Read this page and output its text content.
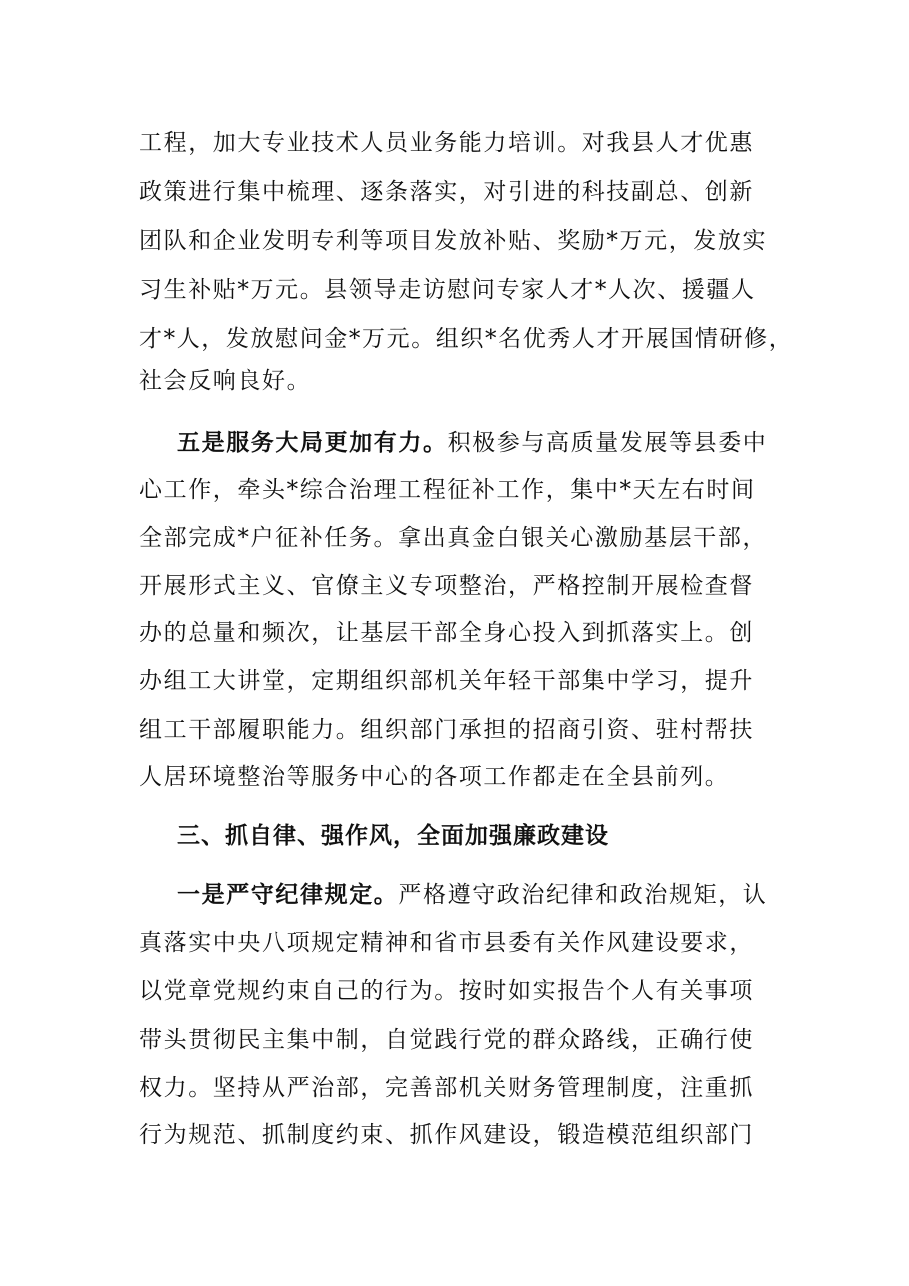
工程，加大专业技术人员业务能力培训。对我县人才优惠
政策进行集中梳理、逐条落实，对引进的科技副总、创新
团队和企业发明专利等项目发放补贴、奖励*万元，发放实
习生补贴*万元。县领导走访慰问专家人才*人次、援疆人
才*人，发放慰问金*万元。组织*名优秀人才开展国情研修，
社会反响良好。
五是服务大局更加有力。积极参与高质量发展等县委中
心工作，牵头*综合治理工程征补工作，集中*天左右时间
全部完成*户征补任务。拿出真金白银关心激励基层干部，
开展形式主义、官僚主义专项整治，严格控制开展检查督
办的总量和频次，让基层干部全身心投入到抓落实上。创
办组工大讲堂，定期组织部机关年轻干部集中学习，提升
组工干部履职能力。组织部门承担的招商引资、驻村帮扶
人居环境整治等服务中心的各项工作都走在全县前列。
三、抓自律、强作风，全面加强廉政建设
一是严守纪律规定。严格遵守政治纪律和政治规矩，认
真落实中央八项规定精神和省市县委有关作风建设要求，
以党章党规约束自己的行为。按时如实报告个人有关事项
带头贯彻民主集中制，自觉践行党的群众路线，正确行使
权力。坚持从严治部，完善部机关财务管理制度，注重抓
行为规范、抓制度约束、抓作风建设，锻造模范组织部门
